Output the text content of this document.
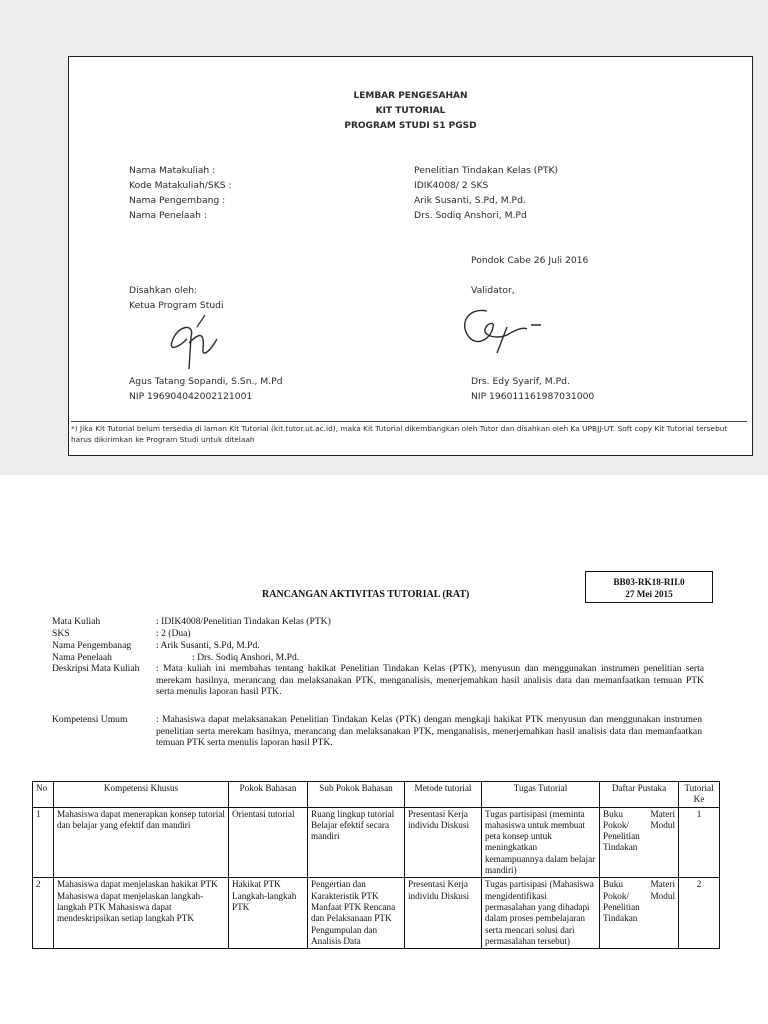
LEMBAR PENGESAHAN
KIT TUTORIAL
PROGRAM STUDI S1 PGSD
Nama Matakuliah :	Penelitian Tindakan Kelas (PTK)
Kode Matakuliah/SKS :	IDIK4008/ 2 SKS
Nama Pengembang :	Arik Susanti, S.Pd, M.Pd.
Nama Penelaah :	Drs. Sodiq Anshori, M.Pd
Pondok Cabe 26 Juli 2016
Disahkan oleh:
Ketua Program Studi
Validator,
Agus Tatang Sopandi, S.Sn., M.Pd
NIP 196904042002121001
Drs. Edy Syarif, M.Pd.
NIP 196011161987031000
*) Jika Kit Tutorial belum tersedia di laman Kit Tutorial (kit.tutor.ut.ac.id), maka Kit Tutorial dikembangkan oleh Tutor dan disahkan oleh Ka UPBJJ-UT. Soft copy Kit Tutorial tersebut harus dikirimkan ke Program Studi untuk ditelaah
BB03-RK18-RII.0
27 Mei 2015
RANCANGAN AKTIVITAS TUTORIAL (RAT)
Mata Kuliah	: IDIK4008/Penelitian Tindakan Kelas (PTK)
SKS	: 2 (Dua)
Nama Pengembanag	: Arik Susanti, S.Pd, M.Pd.
Nama Penelaah	: Drs. Sodiq Anshori, M.Pd.
Deskripsi Mata Kuliah : Mata kuliah ini membahas tentang hakikat Penelitian Tindakan Kelas (PTK), menyusun dan menggunakan instrumen penelitian serta merekam hasilnya, merancang dan melaksanakan PTK, menganalisis, menerjemahkan hasil analisis data dan memanfaatkan temuan PTK serta menulis laporan hasil PTK.
Kompetensi Umum	: Mahasiswa dapat melaksanakan Penelitian Tindakan Kelas (PTK) dengan mengkaji hakikat PTK menyusun dan menggunakan instrumen penelitian serta merekam hasilnya, merancang dan melaksanakan PTK, menganalisis, menerjemahkan hasil analisis data dan memanfaatkan temuan PTK serta menulis laporan hasil PTK.
No	Kompetensi Khusus	Pokok Bahasan	Sub Pokok Bahasan	Metode tutorial	Tugas Tutorial	Daftar Pustaka	Tutorial Ke
1	Mahasiswa dapat menerapkan konsep tutorial dan belajar yang efektif dan mandiri	Orientasi tutorial	Ruang lingkup tutorial Belajar efektif secara mandiri	Presentasi Kerja individu Diskusi	Tugas partisipasi (meminta mahasiswa untuk membuat peta konsep untuk meningkatkan kemampuannya dalam belajar mandiri)	Buku Materi Pokok/ Modul Penelitian Tindakan	1
2	Mahasiswa dapat menjelaskan hakikat PTK Mahasiswa dapat menjelaskan langkah-langkah PTK Mahasiswa dapat mendeskripsikan setiap langkah PTK	Hakikat PTK Langkah-langkah PTK	Pengertian dan Karakteristik PTK Manfaat PTK Rencana dan Pelaksanaan PTK Pengumpulan dan Analisis Data	Presentasi Kerja individu Diskusi	Tugas partisipasi (Mahasiswa mengidentifikasi permasalahan yang dihadapi dalam proses pembelajaran serta mencari solusi dari permasalahan tersebut)	Buku Materi Pokok/ Modul Penelitian Tindakan	2
